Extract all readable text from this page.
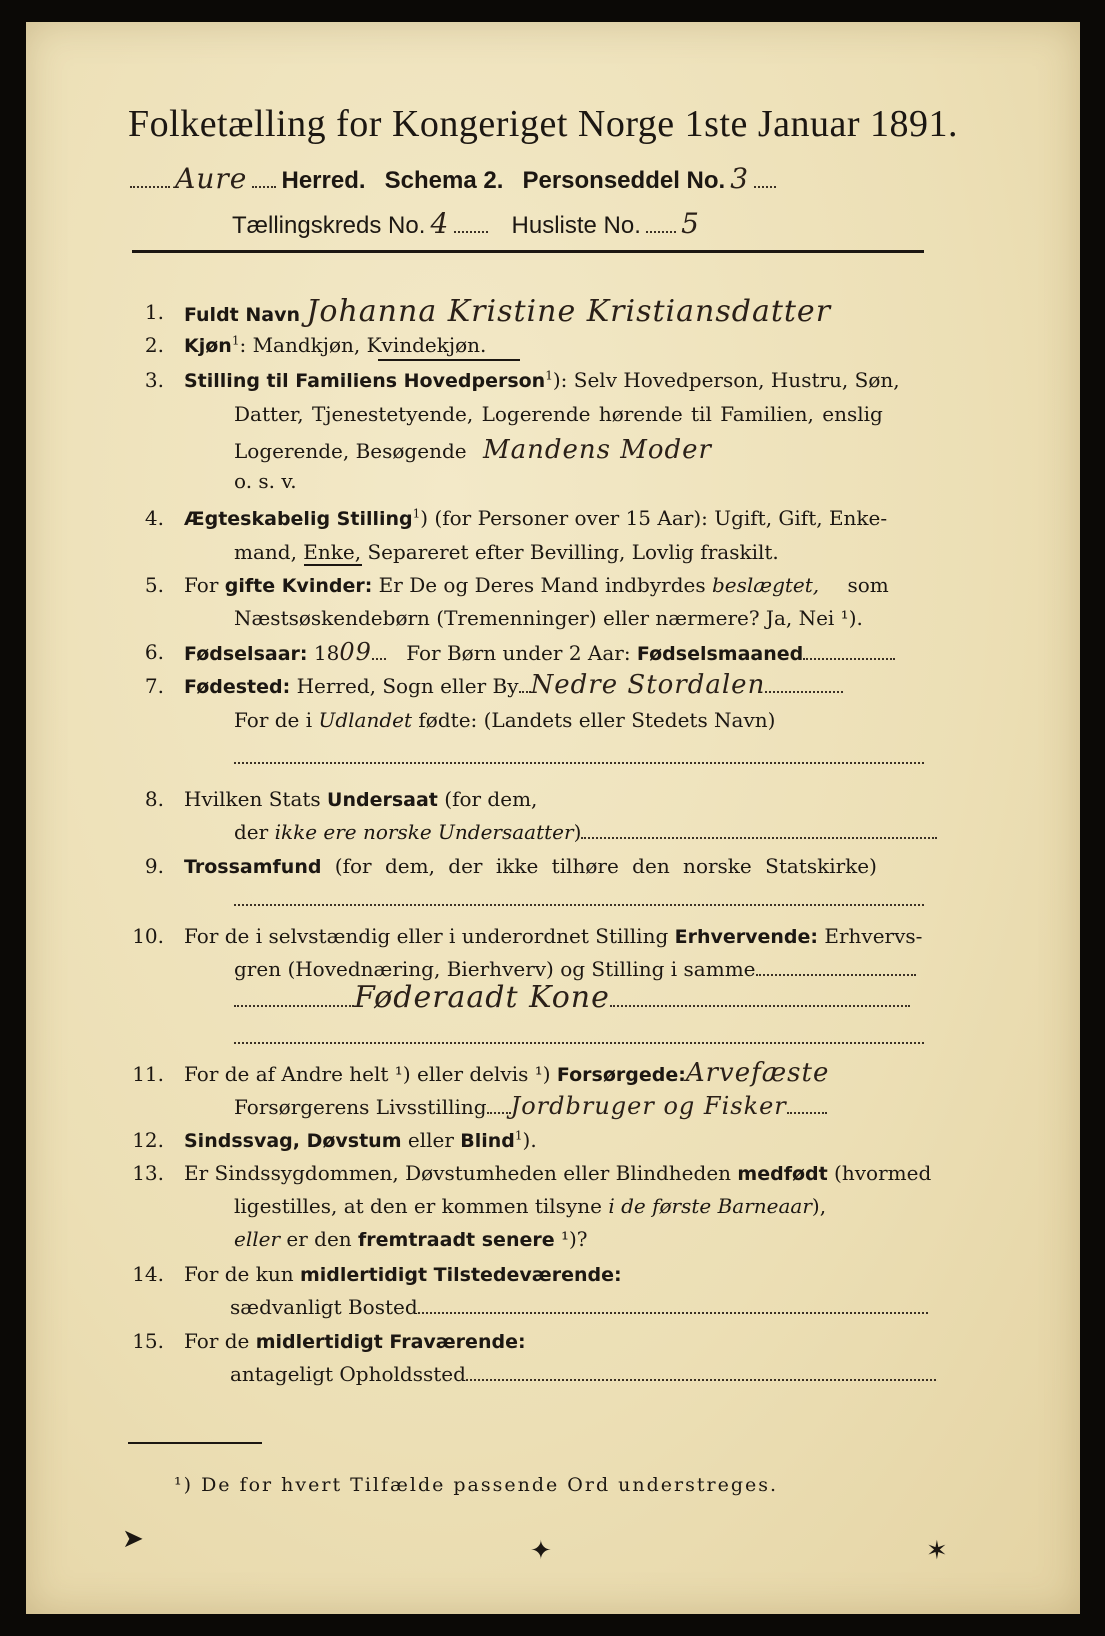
Folketælling for Kongeriget Norge 1ste Januar 1891.
Aure Herred. Schema 2. Personseddel No. 3
Tællingskreds No. 4	Husliste No. 5
1. Fuldt Navn Johanna Kristine Kristiansdatter
2. Kjøn$^1$: Mandkjøn, Kvindekjøn.
3. Stilling til Familiens Hovedperson$^1$): Selv Hovedperson, Hustru, Søn,
Datter, Tjenestetyende, Logerende hørende til Familien, enslig
Logerende, Besøgende Mandens Moder
o. s. v.
4. Ægteskabelig Stilling$^1$) (for Personer over 15 Aar): Ugift, Gift, Enke-
mand, Enke, Separeret efter Bevilling, Lovlig fraskilt.
5. For gifte Kvinder: Er De og Deres Mand indbyrdes beslægtet, som
Næstsøskendebørn (Tremenninger) eller nærmere? Ja, Nei ¹).
6. Fødselsaar: 1809 For Børn under 2 Aar: Fødselsmaaned
7. Fødested: Herred, Sogn eller By Nedre Stordalen
For de i Udlandet fødte: (Landets eller Stedets Navn)
8. Hvilken Stats Undersaat (for dem,
der ikke ere norske Undersaatter)
9. Trossamfund (for dem, der ikke tilhøre den norske Statskirke)
10. For de i selvstændig eller i underordnet Stilling Erhvervende: Erhvervs-
gren (Hovednæring, Bierhverv) og Stilling i samme
Føderaadt Kone
11. For de af Andre helt ¹) eller delvis ¹) Forsørgede:Arvefæste
Forsørgerens Livsstilling Jordbruger og Fisker
12. Sindssvag, Døvstum eller Blind$^1$).
13. Er Sindssygdommen, Døvstumheden eller Blindheden medfødt (hvormed
ligestilles, at den er kommen tilsyne i de første Barneaar),
eller er den fremtraadt senere ¹)?
14. For de kun midlertidigt Tilstedeværende:
sædvanligt Bosted
15. For de midlertidigt Fraværende:
antageligt Opholdssted
¹) De for hvert Tilfælde passende Ord understreges.
➤	✦	✶
